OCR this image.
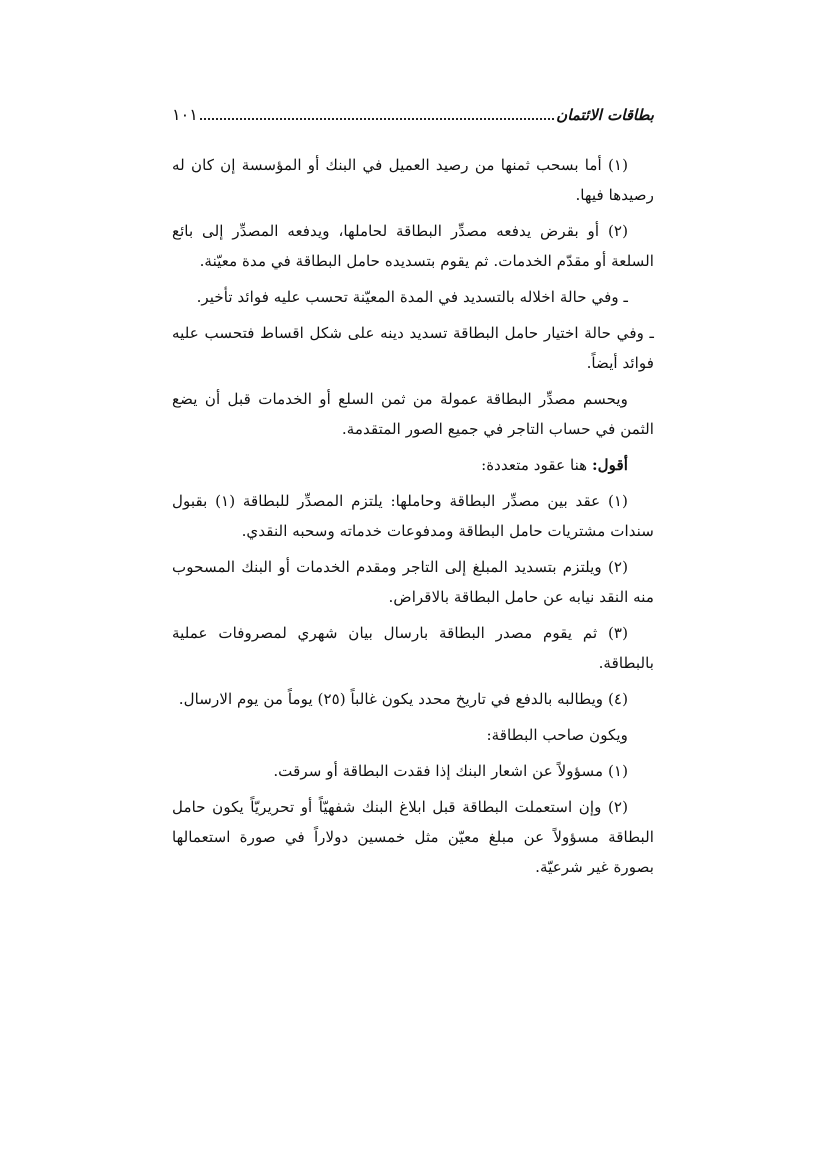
بطاقات الائتمان
١٠١

(١) أما بسحب ثمنها من رصيد العميل في البنك أو المؤسسة إن كان له رصيدها فيها.

(٢) أو بقرض يدفعه مصدِّر البطاقة لحاملها، ويدفعه المصدِّر إلى بائع السلعة أو مقدّم الخدمات. ثم يقوم بتسديده حامل البطاقة في مدة معيّنة.

ـ وفي حالة اخلاله بالتسديد في المدة المعيّنة تحسب عليه فوائد تأخير.

ـ وفي حالة اختيار حامل البطاقة تسديد دينه على شكل اقساط فتحسب عليه فوائد أيضاً.

ويحسم مصدِّر البطاقة عمولة من ثمن السلع أو الخدمات قبل أن يضع الثمن في حساب التاجر في جميع الصور المتقدمة.

أقول: هنا عقود متعددة:

(١) عقد بين مصدِّر البطاقة وحاملها: يلتزم المصدِّر للبطاقة (١) بقبول سندات مشتريات حامل البطاقة ومدفوعات خدماته وسحبه النقدي.

(٢) ويلتزم بتسديد المبلغ إلى التاجر ومقدم الخدمات أو البنك المسحوب منه النقد نيابه عن حامل البطاقة بالاقراض.

(٣) ثم يقوم مصدر البطاقة بارسال بيان شهري لمصروفات عملية بالبطاقة.

(٤) ويطالبه بالدفع في تاريخ محدد يكون غالباً (٢٥) يوماً من يوم الارسال.

ويكون صاحب البطاقة:

(١) مسؤولاً عن اشعار البنك إذا فقدت البطاقة أو سرقت.

(٢) وإن استعملت البطاقة قبل ابلاغ البنك شفهيّاً أو تحريريّاً يكون حامل البطاقة مسؤولاً عن مبلغ معيّن مثل خمسين دولاراً في صورة استعمالها بصورة غير شرعيّة.
